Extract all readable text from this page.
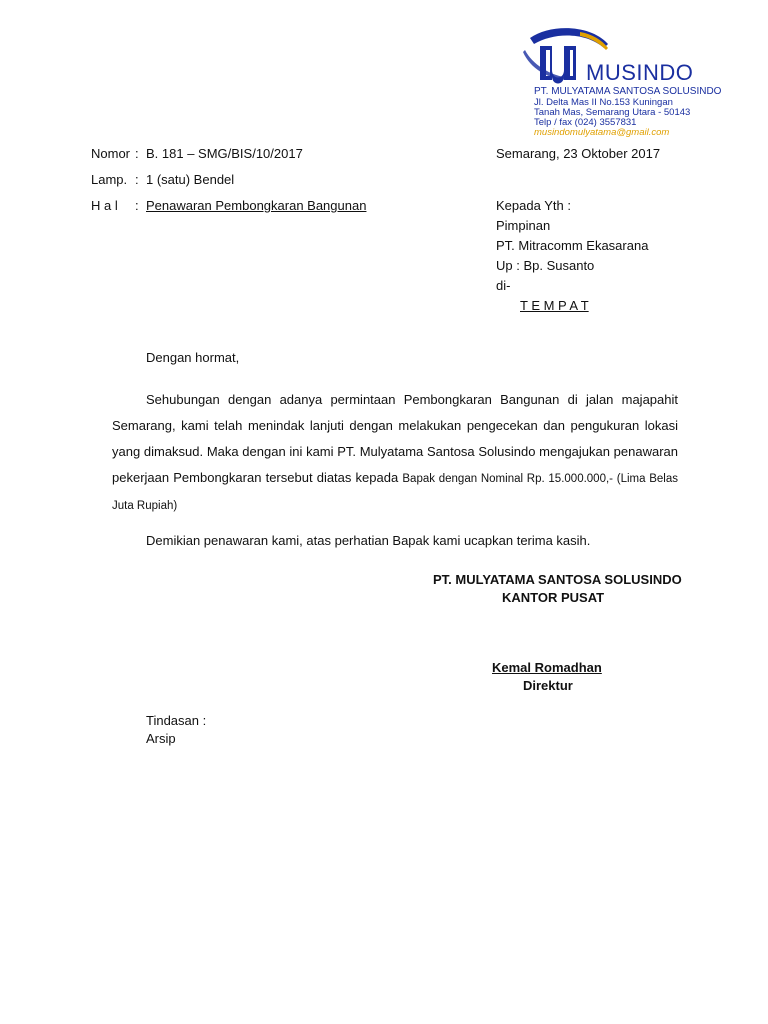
MUSINDO
PT. MULYATAMA SANTOSA SOLUSINDO
Jl. Delta Mas II No.153 Kuningan
Tanah Mas, Semarang Utara - 50143
Telp / fax (024) 3557831
musindomulyatama@gmail.com
Nomor : B. 181 – SMG/BIS/10/2017
Lamp. : 1 (satu) Bendel
H a l : Penawaran Pembongkaran Bangunan
Semarang, 23 Oktober 2017
Kepada Yth :
Pimpinan
PT. Mitracomm Ekasarana
Up : Bp. Susanto
di-
T E M P A T
Dengan hormat,
Sehubungan dengan adanya permintaan Pembongkaran Bangunan di jalan majapahit Semarang, kami telah menindak lanjuti dengan melakukan pengecekan dan pengukuran lokasi yang dimaksud. Maka dengan ini kami PT. Mulyatama Santosa Solusindo mengajukan penawaran pekerjaan Pembongkaran tersebut diatas kepada Bapak dengan Nominal Rp. 15.000.000,- (Lima Belas Juta Rupiah)
Demikian penawaran kami, atas perhatian Bapak kami ucapkan terima kasih.
PT. MULYATAMA SANTOSA SOLUSINDO
KANTOR PUSAT
Kemal Romadhan
Direktur
Tindasan :
Arsip
